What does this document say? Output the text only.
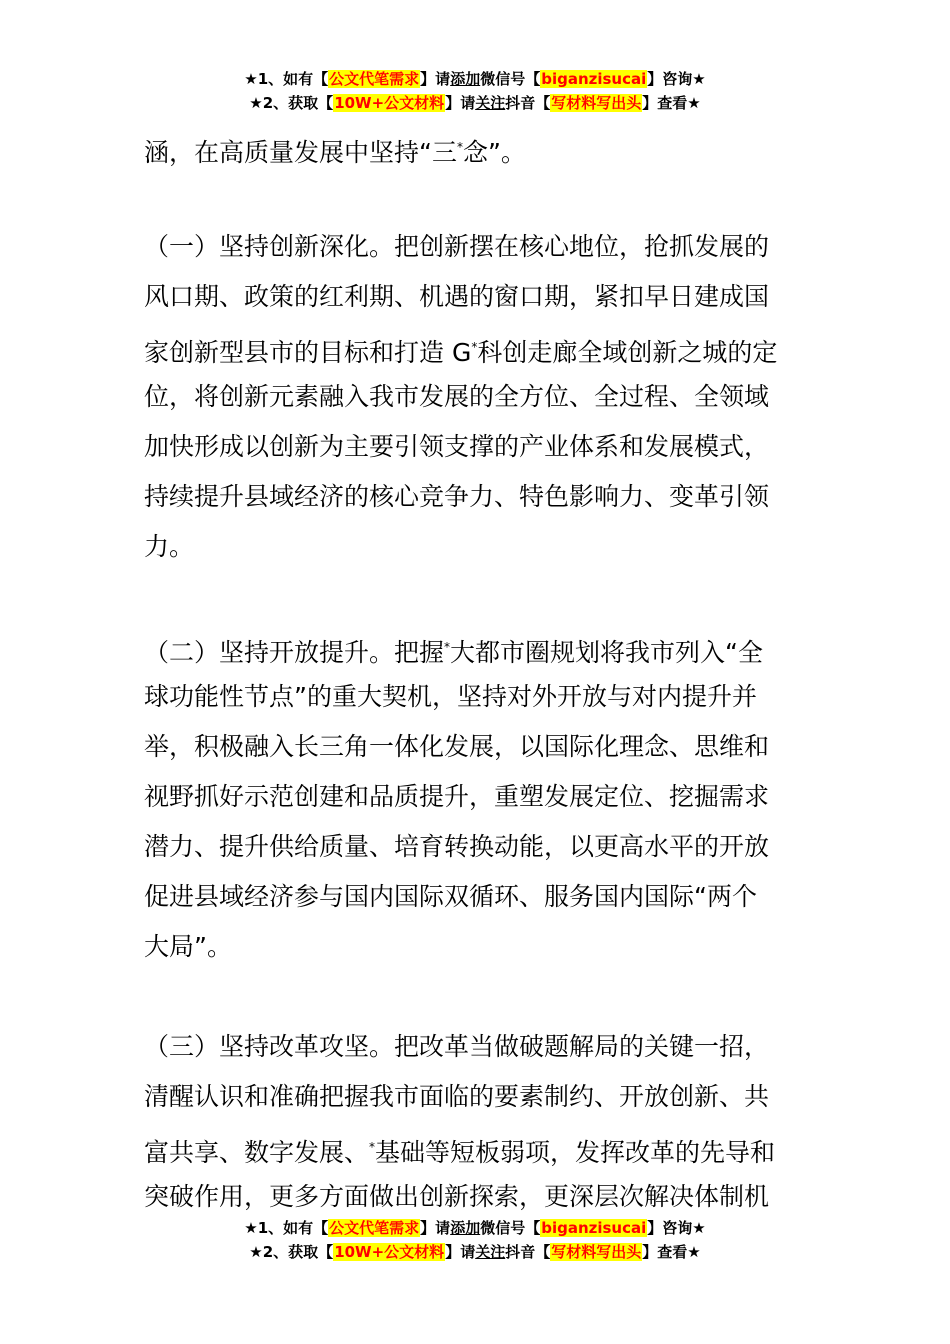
★1、如有【公文代笔需求】请添加微信号【biganzisucai】咨询★
★2、获取【10W+公文材料】请关注抖音【写材料写出头】查看★
涵，在高质量发展中坚持“三*念”。
（一）坚持创新深化。把创新摆在核心地位，抢抓发展的
风口期、政策的红利期、机遇的窗口期，紧扣早日建成国
家创新型县市的目标和打造 G*科创走廊全域创新之城的定
位，将创新元素融入我市发展的全方位、全过程、全领域
加快形成以创新为主要引领支撑的产业体系和发展模式，
持续提升县域经济的核心竞争力、特色影响力、变革引领
力。
（二）坚持开放提升。把握*大都市圈规划将我市列入“全
球功能性节点”的重大契机，坚持对外开放与对内提升并
举，积极融入长三角一体化发展，以国际化理念、思维和
视野抓好示范创建和品质提升，重塑发展定位、挖掘需求
潜力、提升供给质量、培育转换动能，以更高水平的开放
促进县域经济参与国内国际双循环、服务国内国际“两个
大局”。
（三）坚持改革攻坚。把改革当做破题解局的关键一招，
清醒认识和准确把握我市面临的要素制约、开放创新、共
富共享、数字发展、*基础等短板弱项，发挥改革的先导和
突破作用，更多方面做出创新探索，更深层次解决体制机
★1、如有【公文代笔需求】请添加微信号【biganzisucai】咨询★
★2、获取【10W+公文材料】请关注抖音【写材料写出头】查看★
